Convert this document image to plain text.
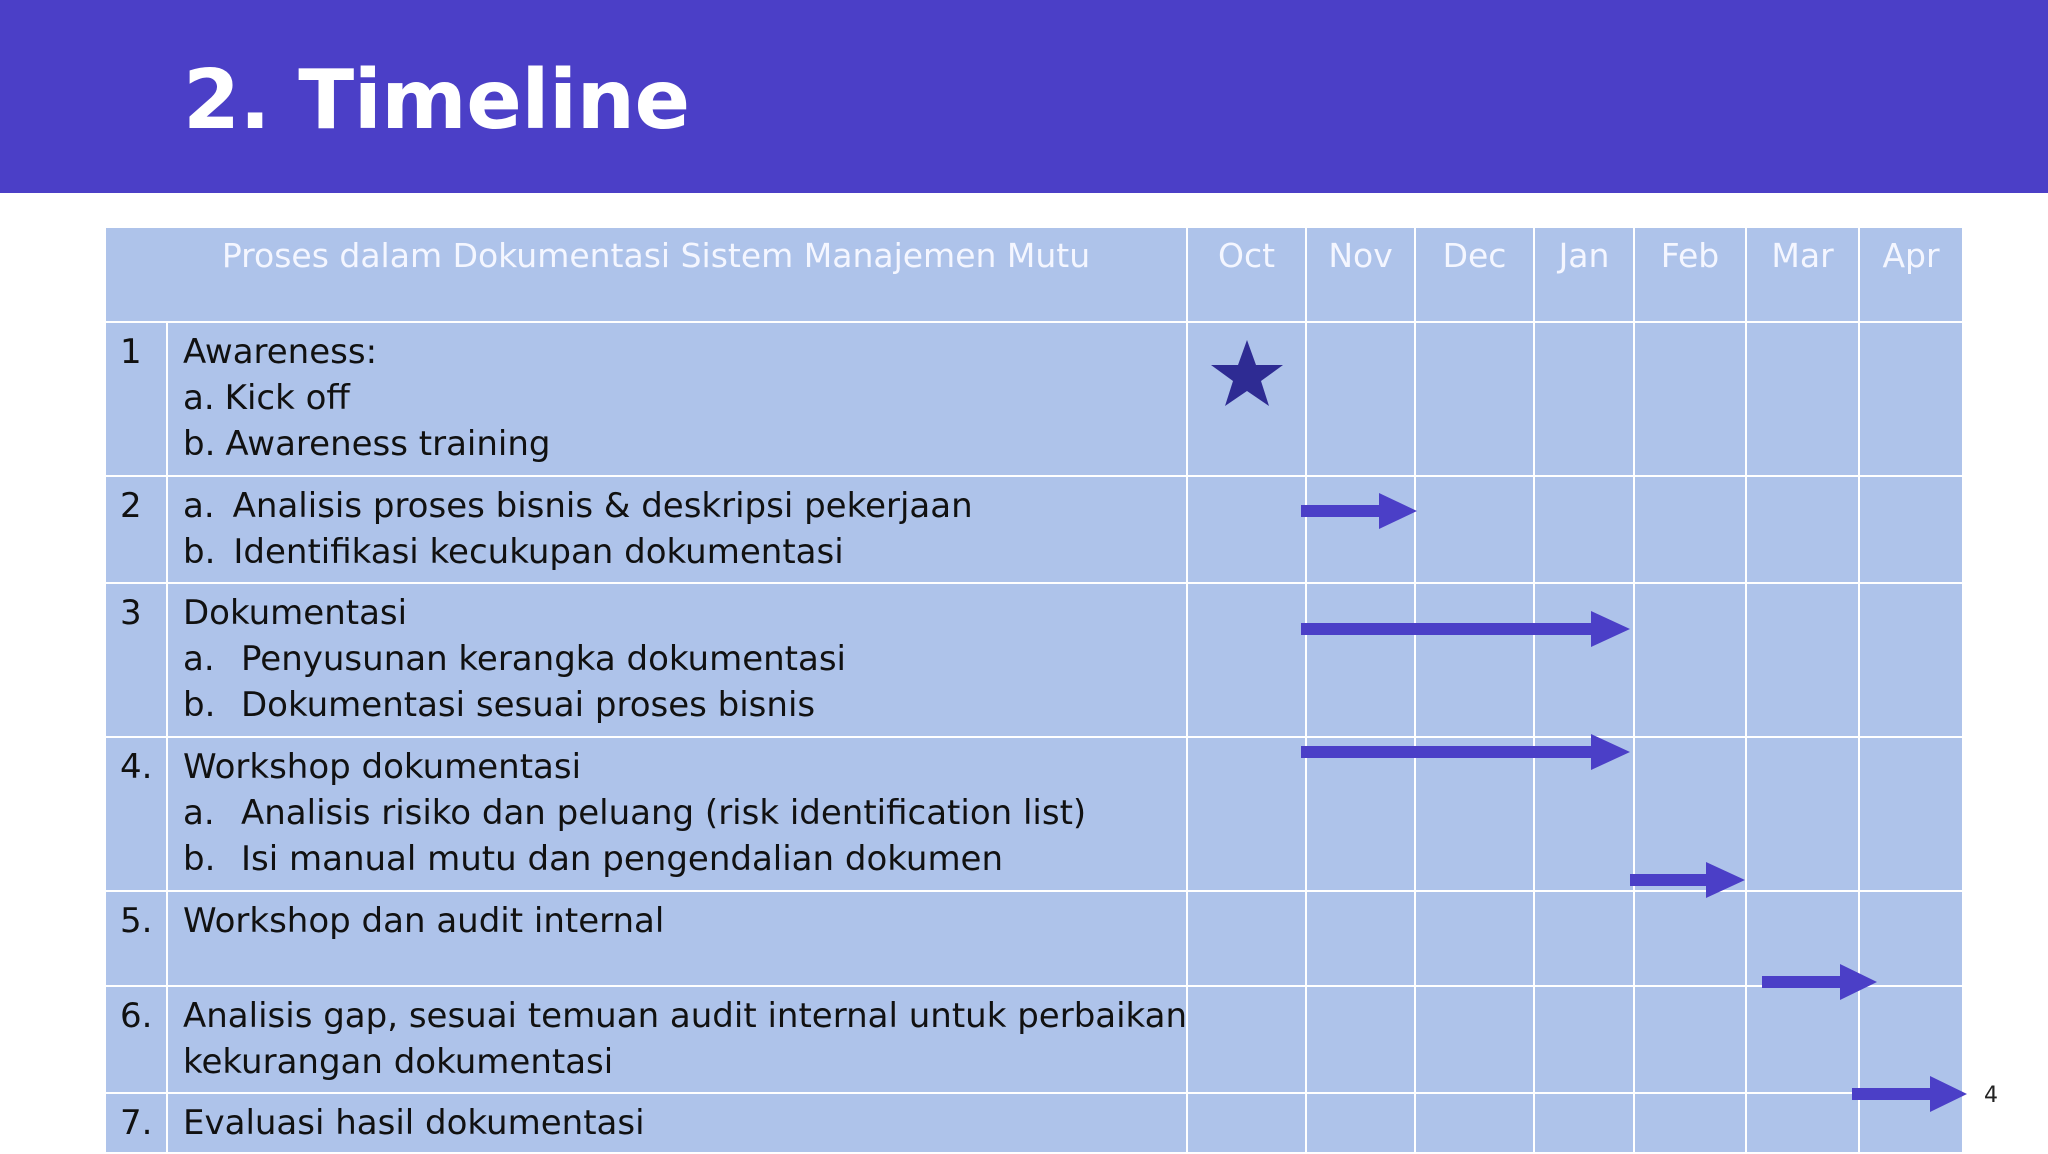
2. Timeline
Proses dalam Dokumentasi Sistem Manajemen Mutu		Oct	Nov	Dec	Jan	Feb	Mar	Apr
1	Awareness:
a. Kick off
b. Awareness training							

2	a. Analisis proses bisnis & deskripsi pekerjaan
b. Identifikasi kecukupan dokumentasi							

3	Dokumentasi
a. Penyusunan kerangka dokumentasi
b. Dokumentasi sesuai proses bisnis							

4.	Workshop dokumentasi
a. Analisis risiko dan peluang (risk identification list)
b. Isi manual mutu dan pengendalian dokumen							

5.	Workshop dan audit internal							

6.	Analisis gap, sesuai temuan audit internal untuk perbaikan
kekurangan dokumentasi							

7.	Evaluasi hasil dokumentasi							

4
